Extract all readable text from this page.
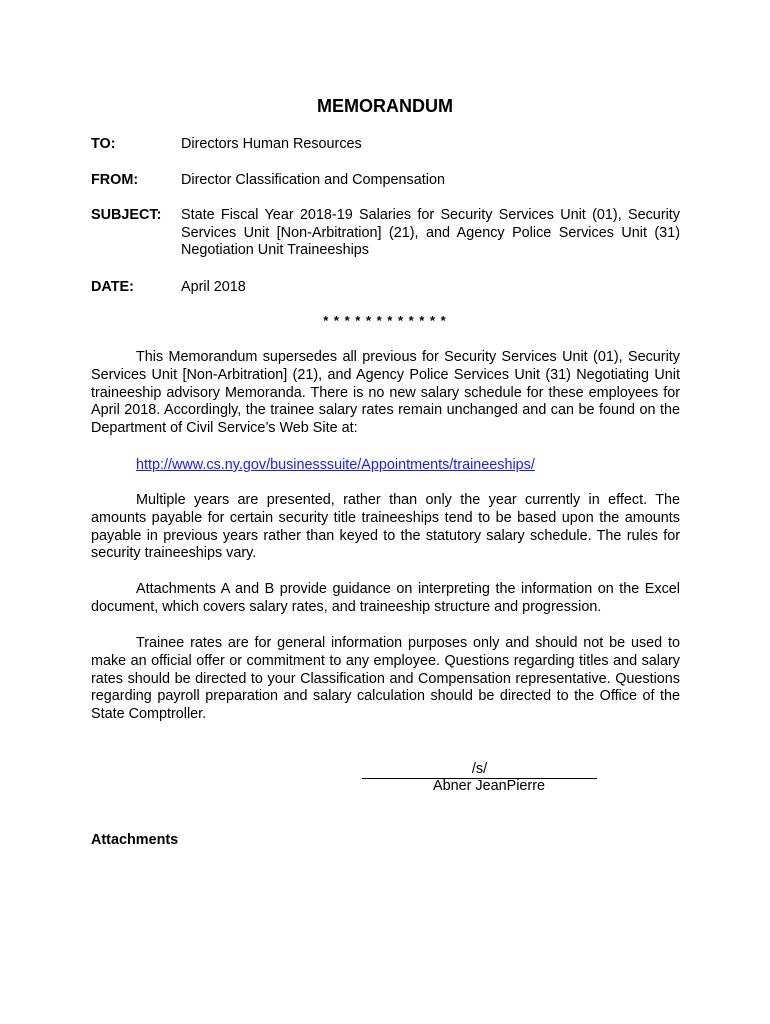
MEMORANDUM
TO:	Directors Human Resources
FROM:	Director Classification and Compensation
SUBJECT: State Fiscal Year 2018-19 Salaries for Security Services Unit (01), Security Services Unit [Non-Arbitration] (21), and Agency Police Services Unit (31) Negotiation Unit Traineeships
DATE:	April 2018
* * * * * * * * * * * *

This Memorandum supersedes all previous for Security Services Unit (01), Security Services Unit [Non-Arbitration] (21), and Agency Police Services Unit (31) Negotiating Unit traineeship advisory Memoranda. There is no new salary schedule for these employees for April 2018. Accordingly, the trainee salary rates remain unchanged and can be found on the Department of Civil Service’s Web Site at:

http://www.cs.ny.gov/businesssuite/Appointments/traineeships/

Multiple years are presented, rather than only the year currently in effect. The amounts payable for certain security title traineeships tend to be based upon the amounts payable in previous years rather than keyed to the statutory salary schedule. The rules for security traineeships vary.

Attachments A and B provide guidance on interpreting the information on the Excel document, which covers salary rates, and traineeship structure and progression.

Trainee rates are for general information purposes only and should not be used to make an official offer or commitment to any employee. Questions regarding titles and salary rates should be directed to your Classification and Compensation representative. Questions regarding payroll preparation and salary calculation should be directed to the Office of the State Comptroller.

/s/
Abner JeanPierre
Attachments
